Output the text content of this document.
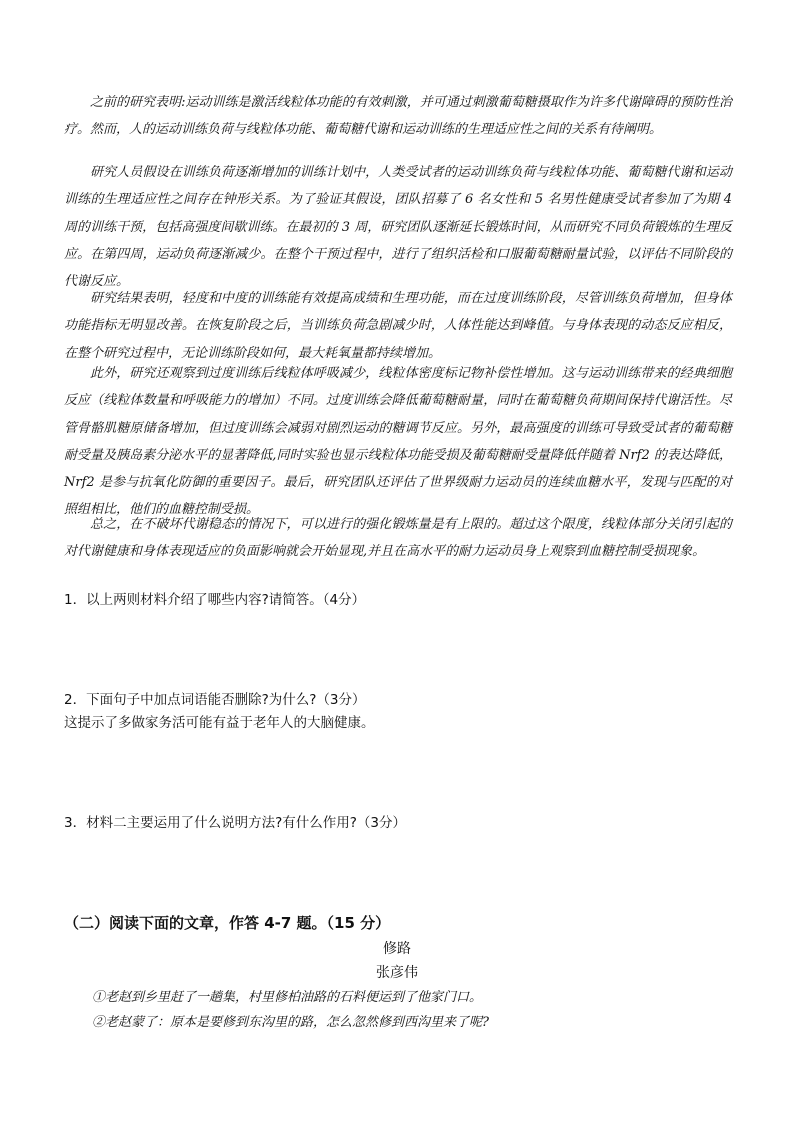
之前的研究表明:运动训练是激活线粒体功能的有效刺激，并可通过刺激葡萄糖摄取作为许多代谢障碍的预防性治疗。然而，人的运动训练负荷与线粒体功能、葡萄糖代谢和运动训练的生理适应性之间的关系有待阐明。
研究人员假设在训练负荷逐渐增加的训练计划中，人类受试者的运动训练负荷与线粒体功能、葡萄糖代谢和运动训练的生理适应性之间存在钟形关系。为了验证其假设，团队招募了 6 名女性和 5 名男性健康受试者参加了为期 4 周的训练干预，包括高强度间歇训练。在最初的 3 周，研究团队逐渐延长锻炼时间，从而研究不同负荷锻炼的生理反应。在第四周，运动负荷逐渐减少。在整个干预过程中，进行了组织活检和口服葡萄糖耐量试验，以评估不同阶段的代谢反应。
研究结果表明，轻度和中度的训练能有效提高成绩和生理功能，而在过度训练阶段，尽管训练负荷增加，但身体功能指标无明显改善。在恢复阶段之后，当训练负荷急剧减少时，人体性能达到峰值。与身体表现的动态反应相反，在整个研究过程中，无论训练阶段如何，最大耗氧量都持续增加。
此外，研究还观察到过度训练后线粒体呼吸减少，线粒体密度标记物补偿性增加。这与运动训练带来的经典细胞反应（线粒体数量和呼吸能力的增加）不同。过度训练会降低葡萄糖耐量，同时在葡萄糖负荷期间保持代谢活性。尽管骨骼肌糖原储备增加，但过度训练会减弱对剧烈运动的糖调节反应。另外，最高强度的训练可导致受试者的葡萄糖耐受量及胰岛素分泌水平的显著降低,同时实验也显示线粒体功能受损及葡萄糖耐受量降低伴随着 Nrf2 的表达降低，Nrf2 是参与抗氧化防御的重要因子。最后，研究团队还评估了世界级耐力运动员的连续血糖水平，发现与匹配的对照组相比，他们的血糖控制受损。
总之，在不破坏代谢稳态的情况下，可以进行的强化锻炼量是有上限的。超过这个限度，线粒体部分关闭引起的对代谢健康和身体表现适应的负面影响就会开始显现,并且在高水平的耐力运动员身上观察到血糖控制受损现象。
1．以上两则材料介绍了哪些内容?请简答。（4分）
2．下面句子中加点词语能否删除?为什么?（3分）
这提示了多做家务活可能有益于老年人的大脑健康。
3．材料二主要运用了什么说明方法?有什么作用?（3分）
（二）阅读下面的文章，作答 4-7 题。（15 分）
修路
张彦伟
①老赵到乡里赶了一趟集，村里修柏油路的石料便运到了他家门口。
②老赵蒙了：原本是要修到东沟里的路，怎么忽然修到西沟里来了呢?
